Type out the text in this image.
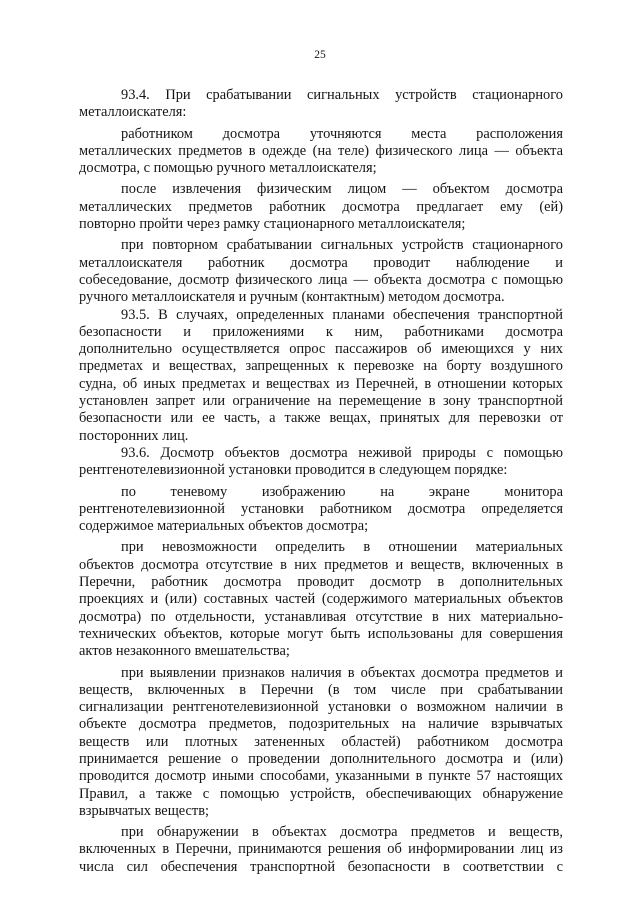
25
93.4. При срабатывании сигнальных устройств стационарного
металлоискателя:
работником досмотра уточняются места расположения
металлических предметов в одежде (на теле) физического лица — объекта
досмотра, с помощью ручного металлоискателя;
после извлечения физическим лицом — объектом досмотра
металлических предметов работник досмотра предлагает ему (ей)
повторно пройти через рамку стационарного металлоискателя;
при повторном срабатывании сигнальных устройств стационарного
металлоискателя работник досмотра проводит наблюдение и
собеседование, досмотр физического лица — объекта досмотра с помощью
ручного металлоискателя и ручным (контактным) методом досмотра.
93.5. В случаях, определенных планами обеспечения транспортной
безопасности и приложениями к ним, работниками досмотра
дополнительно осуществляется опрос пассажиров об имеющихся у них
предметах и веществах, запрещенных к перевозке на борту воздушного
судна, об иных предметах и веществах из Перечней, в отношении которых
установлен запрет или ограничение на перемещение в зону транспортной
безопасности или ее часть, а также вещах, принятых для перевозки от
посторонних лиц.
93.6. Досмотр объектов досмотра неживой природы с помощью
рентгенотелевизионной установки проводится в следующем порядке:
по теневому изображению на экране монитора
рентгенотелевизионной установки работником досмотра определяется
содержимое материальных объектов досмотра;
при невозможности определить в отношении материальных
объектов досмотра отсутствие в них предметов и веществ, включенных в
Перечни, работник досмотра проводит досмотр в дополнительных
проекциях и (или) составных частей (содержимого материальных объектов
досмотра) по отдельности, устанавливая отсутствие в них материально-
технических объектов, которые могут быть использованы для совершения
актов незаконного вмешательства;
при выявлении признаков наличия в объектах досмотра предметов и
веществ, включенных в Перечни (в том числе при срабатывании
сигнализации рентгенотелевизионной установки о возможном наличии в
объекте досмотра предметов, подозрительных на наличие взрывчатых
веществ или плотных затененных областей) работником досмотра
принимается решение о проведении дополнительного досмотра и (или)
проводится досмотр иными способами, указанными в пункте 57 настоящих
Правил, а также с помощью устройств, обеспечивающих обнаружение
взрывчатых веществ;
при обнаружении в объектах досмотра предметов и веществ,
включенных в Перечни, принимаются решения об информировании лиц из
числа сил обеспечения транспортной безопасности в соответствии с
